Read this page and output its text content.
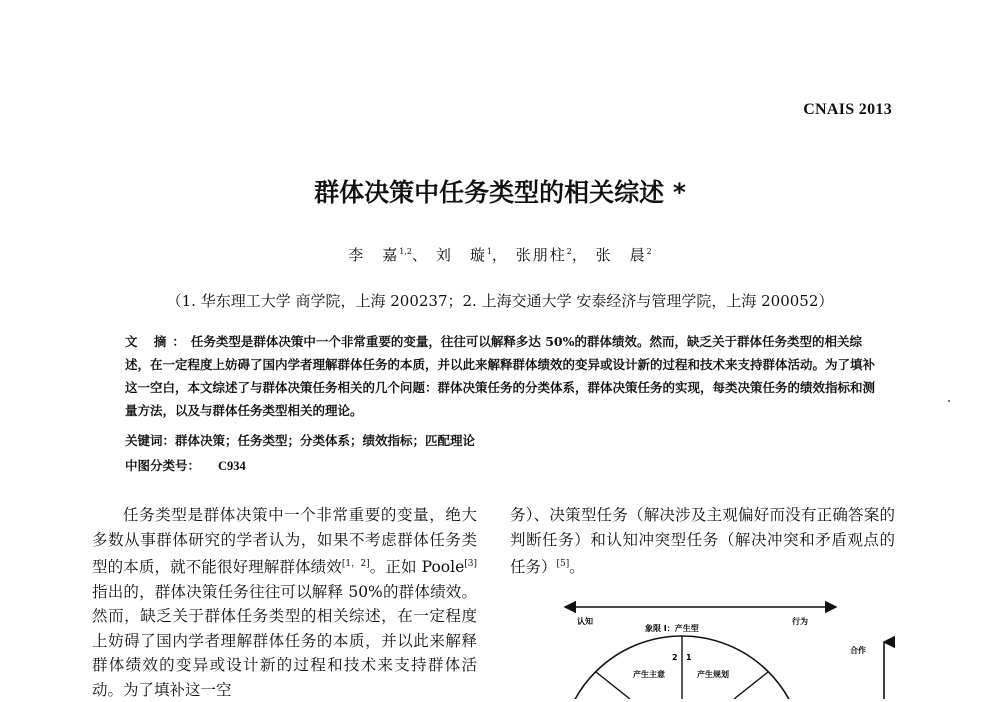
CNAIS 2013
群体决策中任务类型的相关综述 *
李　嘉$^{1,2}$、 刘　璇$^1$， 张朋柱$^2$， 张　晨$^2$
（1. 华东理工大学 商学院，上海 200237；2. 上海交通大学 安泰经济与管理学院，上海 200052）
文 摘：任务类型是群体决策中一个非常重要的变量，往往可以解释多达 50%的群体绩效。然而，缺乏关于群体任务类型的相关综述，在一定程度上妨碍了国内学者理解群体任务的本质，并以此来解释群体绩效的变异或设计新的过程和技术来支持群体活动。为了填补这一空白，本文综述了与群体决策任务相关的几个问题：群体决策任务的分类体系，群体决策任务的实现，每类决策任务的绩效指标和测量方法，以及与群体任务类型相关的理论。
关键词：群体决策；任务类型；分类体系；绩效指标；匹配理论
中图分类号： C934

任务类型是群体决策中一个非常重要的变量，绝大多数从事群体研究的学者认为，如果不考虑群体任务类型的本质，就不能很好理解群体绩效[1，2]。正如 Poole[3]指出的，群体决策任务往往可以解释 50%的群体绩效。然而，缺乏关于群体任务类型的相关综述，在一定程度上妨碍了国内学者理解群体任务的本质，并以此来解释群体绩效的变异或设计新的过程和技术来支持群体活动。为了填补这一空

务）、决策型任务（解决涉及主观偏好而没有正确答案的判断任务）和认知冲突型任务（解决冲突和矛盾观点的任务）[5]。

认知	行为
象限 I：产生型
2 1
产生主意	产生规划
合作
